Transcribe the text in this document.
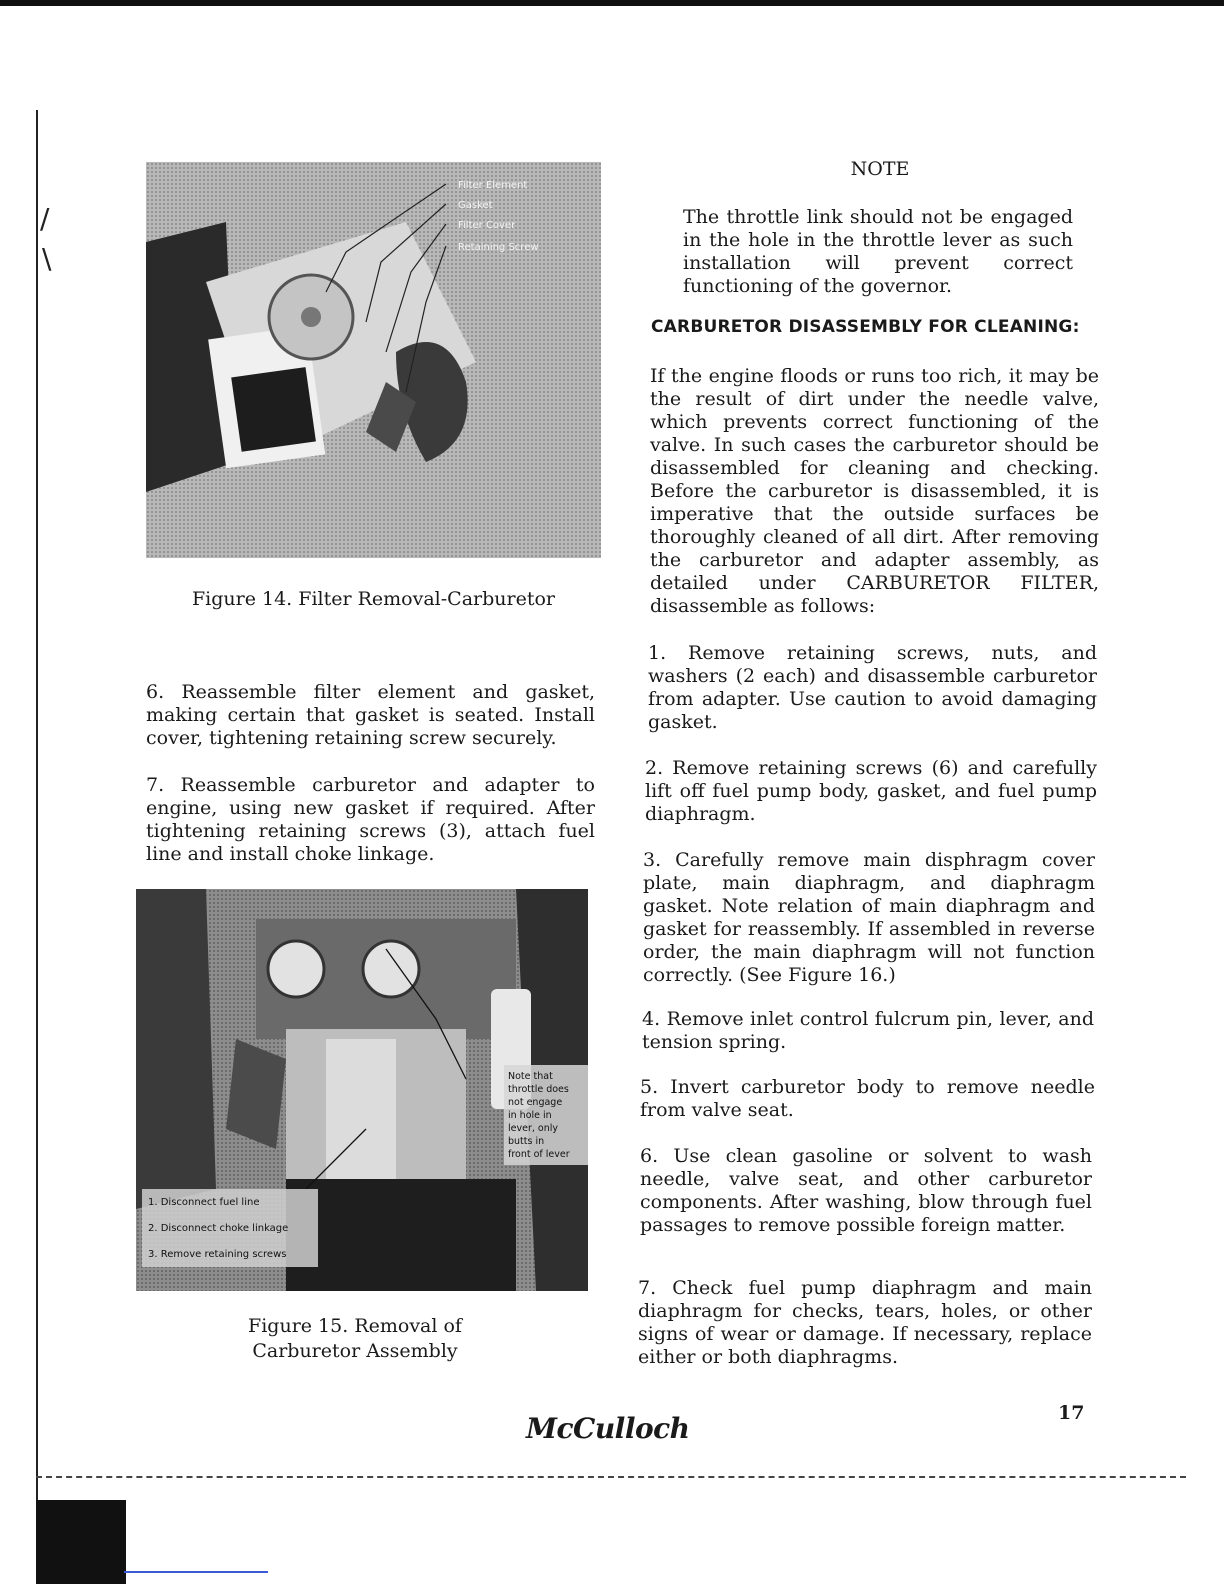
/
\
Filter Element
Gasket
Filter Cover
Retaining Screw
Figure 14. Filter Removal-Carburetor

6. Reassemble filter element and gasket, making certain that gasket is seated. Install cover, tightening retaining screw securely.

7. Reassemble carburetor and adapter to engine, using new gasket if required. After tightening retaining screws (3), attach fuel line and install choke linkage.

Note that
throttle does
not engage
in hole in
lever, only
butts in
front of lever
1. Disconnect fuel line
2. Disconnect choke linkage
3. Remove retaining screws
Figure 15. Removal of
Carburetor Assembly
NOTE

The throttle link should not be engaged in the hole in the throttle lever as such installation will prevent correct functioning of the governor.

CARBURETOR DISASSEMBLY FOR CLEANING:

If the engine floods or runs too rich, it may be the result of dirt under the needle valve, which prevents correct functioning of the valve. In such cases the carburetor should be disassembled for cleaning and checking. Before the carburetor is disassembled, it is imperative that the outside surfaces be thoroughly cleaned of all dirt. After removing the carburetor and adapter assembly, as detailed under CARBURETOR FILTER, disassemble as follows:

1. Remove retaining screws, nuts, and washers (2 each) and disassemble carburetor from adapter. Use caution to avoid damaging gasket.

2. Remove retaining screws (6) and carefully lift off fuel pump body, gasket, and fuel pump diaphragm.

3. Carefully remove main disphragm cover plate, main diaphragm, and diaphragm gasket. Note relation of main diaphragm and gasket for reassembly. If assembled in reverse order, the main diaphragm will not function correctly. (See Figure 16.)

4. Remove inlet control fulcrum pin, lever, and tension spring.

5. Invert carburetor body to remove needle from valve seat.

6. Use clean gasoline or solvent to wash needle, valve seat, and other carburetor components. After washing, blow through fuel passages to remove possible foreign matter.

7. Check fuel pump diaphragm and main diaphragm for checks, tears, holes, or other signs of wear or damage. If necessary, replace either or both diaphragms.

McCulloch	17
